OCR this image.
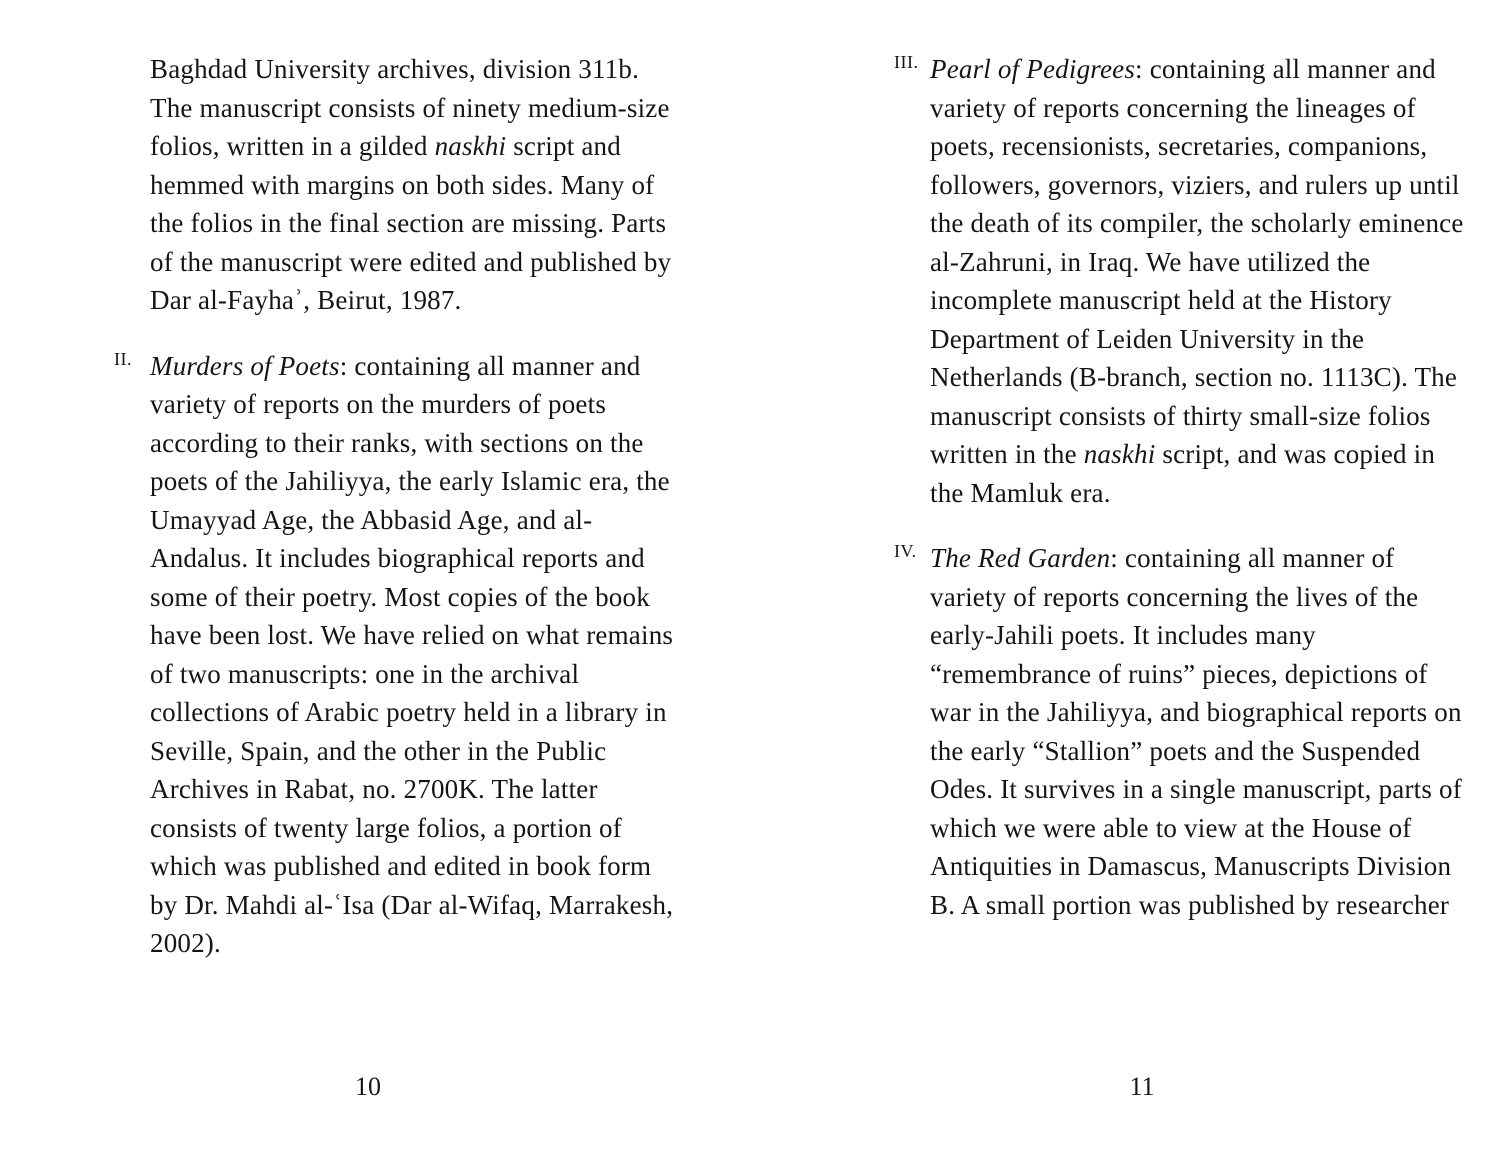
Baghdad University archives, division 311b. The manuscript consists of ninety medium-size folios, written in a gilded naskhi script and hemmed with margins on both sides. Many of the folios in the final section are missing. Parts of the manuscript were edited and published by Dar al-Fayhaʾ, Beirut, 1987.

II. Murders of Poets: containing all manner and variety of reports on the murders of poets according to their ranks, with sections on the poets of the Jahiliyya, the early Islamic era, the Umayyad Age, the Abbasid Age, and al-Andalus. It includes biographical reports and some of their poetry. Most copies of the book have been lost. We have relied on what remains of two manuscripts: one in the archival collections of Arabic poetry held in a library in Seville, Spain, and the other in the Public Archives in Rabat, no. 2700K. The latter consists of twenty large folios, a portion of which was published and edited in book form by Dr. Mahdi al-ʿIsa (Dar al-Wifaq, Marrakesh, 2002).

III. Pearl of Pedigrees: containing all manner and variety of reports concerning the lineages of poets, recensionists, secretaries, companions, followers, governors, viziers, and rulers up until the death of its compiler, the scholarly eminence al-Zahruni, in Iraq. We have utilized the incomplete manuscript held at the History Department of Leiden University in the Netherlands (B-branch, section no. 1113C). The manuscript consists of thirty small-size folios written in the naskhi script, and was copied in the Mamluk era.

IV. The Red Garden: containing all manner of variety of reports concerning the lives of the early-Jahili poets. It includes many “remembrance of ruins” pieces, depictions of war in the Jahiliyya, and biographical reports on the early “Stallion” poets and the Suspended Odes. It survives in a single manuscript, parts of which we were able to view at the House of Antiquities in Damascus, Manuscripts Division B. A small portion was published by researcher

10	11
